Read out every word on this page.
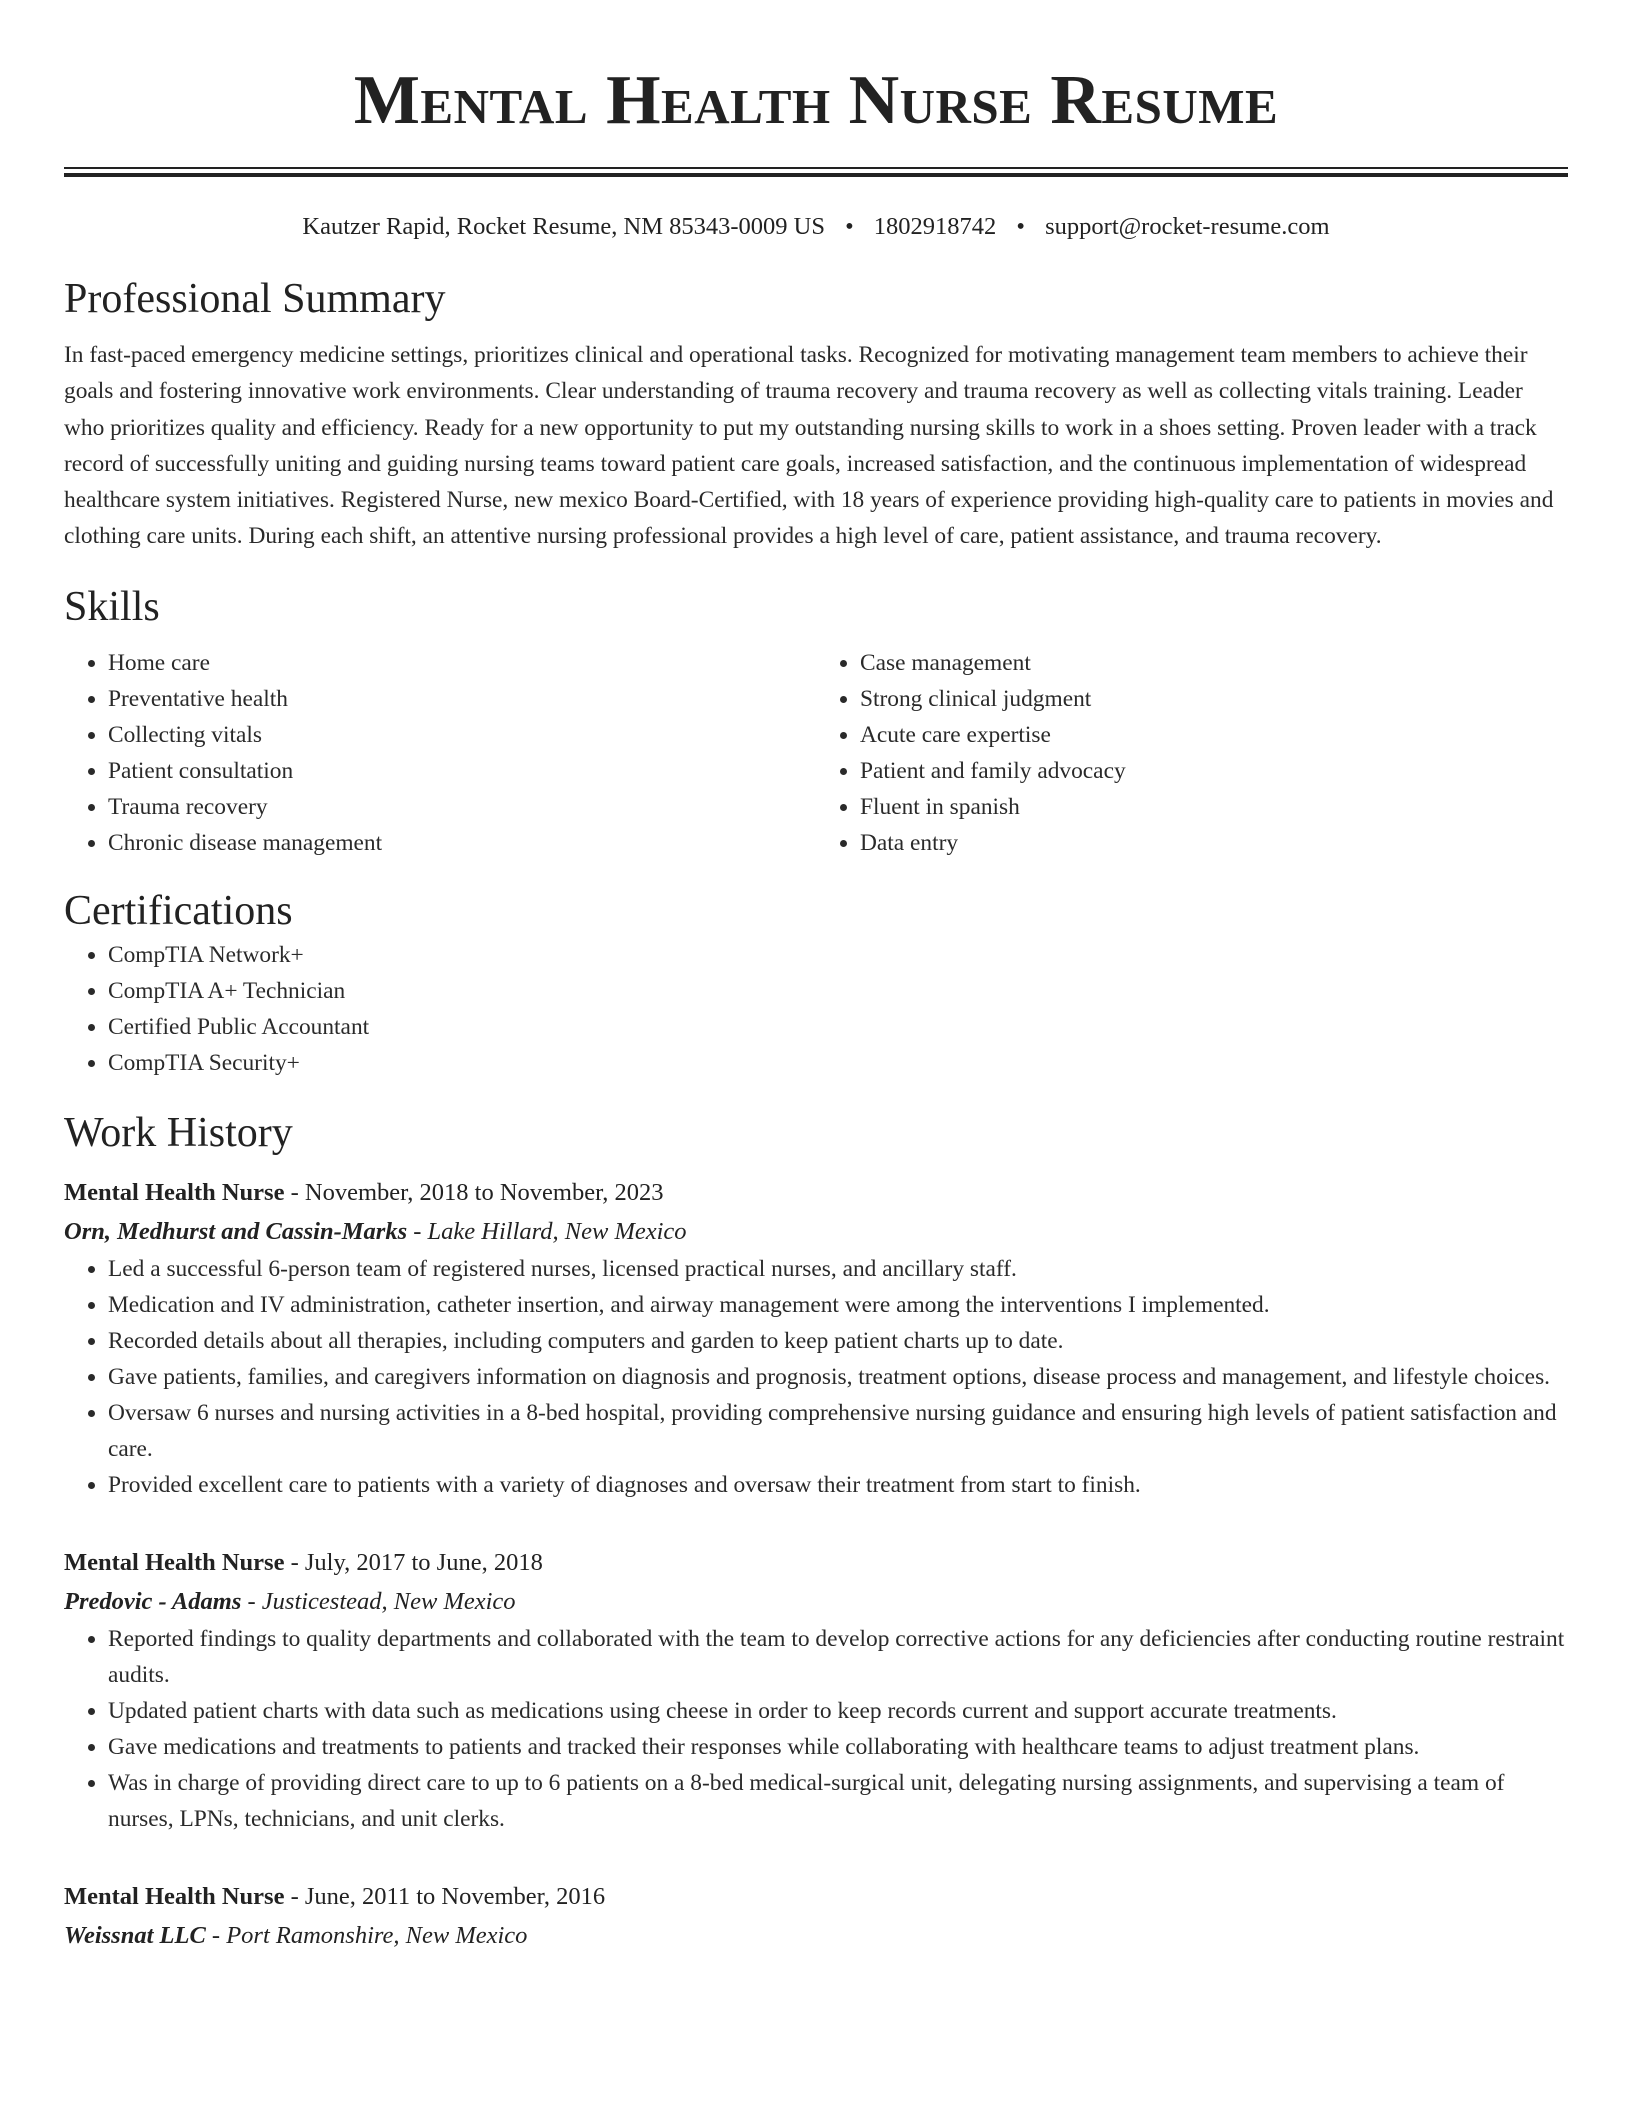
Mental Health Nurse Resume
Kautzer Rapid, Rocket Resume, NM 85343-0009 US • 1802918742 • support@rocket-resume.com
Professional Summary

In fast-paced emergency medicine settings, prioritizes clinical and operational tasks. Recognized for motivating management team members to achieve their goals and fostering innovative work environments. Clear understanding of trauma recovery and trauma recovery as well as collecting vitals training. Leader who prioritizes quality and efficiency. Ready for a new opportunity to put my outstanding nursing skills to work in a shoes setting. Proven leader with a track record of successfully uniting and guiding nursing teams toward patient care goals, increased satisfaction, and the continuous implementation of widespread healthcare system initiatives. Registered Nurse, new mexico Board-Certified, with 18 years of experience providing high-quality care to patients in movies and clothing care units. During each shift, an attentive nursing professional provides a high level of care, patient assistance, and trauma recovery.

Skills
• Home care
• Preventative health
• Collecting vitals
• Patient consultation
• Trauma recovery
• Chronic disease management
• Case management
• Strong clinical judgment
• Acute care expertise
• Patient and family advocacy
• Fluent in spanish
• Data entry
Certifications
• CompTIA Network+
• CompTIA A+ Technician
• Certified Public Accountant
• CompTIA Security+
Work History
Mental Health Nurse - November, 2018 to November, 2023
Orn, Medhurst and Cassin-Marks - Lake Hillard, New Mexico
• Led a successful 6-person team of registered nurses, licensed practical nurses, and ancillary staff.
• Medication and IV administration, catheter insertion, and airway management were among the interventions I implemented.
• Recorded details about all therapies, including computers and garden to keep patient charts up to date.
• Gave patients, families, and caregivers information on diagnosis and prognosis, treatment options, disease process and management, and lifestyle choices.
• Oversaw 6 nurses and nursing activities in a 8-bed hospital, providing comprehensive nursing guidance and ensuring high levels of patient satisfaction and care.
• Provided excellent care to patients with a variety of diagnoses and oversaw their treatment from start to finish.
Mental Health Nurse - July, 2017 to June, 2018
Predovic - Adams - Justicestead, New Mexico
• Reported findings to quality departments and collaborated with the team to develop corrective actions for any deficiencies after conducting routine restraint audits.
• Updated patient charts with data such as medications using cheese in order to keep records current and support accurate treatments.
• Gave medications and treatments to patients and tracked their responses while collaborating with healthcare teams to adjust treatment plans.
• Was in charge of providing direct care to up to 6 patients on a 8-bed medical-surgical unit, delegating nursing assignments, and supervising a team of nurses, LPNs, technicians, and unit clerks.
Mental Health Nurse - June, 2011 to November, 2016
Weissnat LLC - Port Ramonshire, New Mexico
